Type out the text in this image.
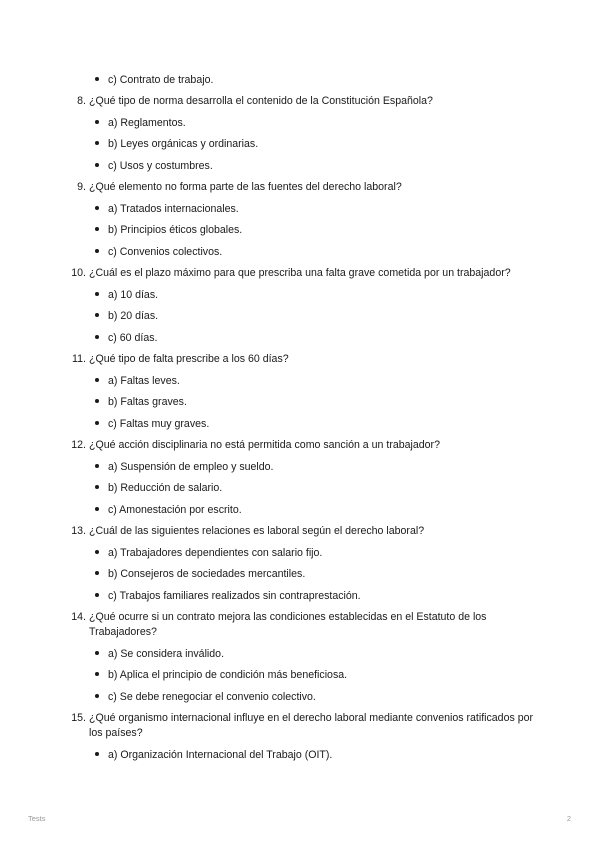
c) Contrato de trabajo.
8. ¿Qué tipo de norma desarrolla el contenido de la Constitución Española?
a) Reglamentos.
b) Leyes orgánicas y ordinarias.
c) Usos y costumbres.
9. ¿Qué elemento no forma parte de las fuentes del derecho laboral?
a) Tratados internacionales.
b) Principios éticos globales.
c) Convenios colectivos.
10. ¿Cuál es el plazo máximo para que prescriba una falta grave cometida por un trabajador?
a) 10 días.
b) 20 días.
c) 60 días.
11. ¿Qué tipo de falta prescribe a los 60 días?
a) Faltas leves.
b) Faltas graves.
c) Faltas muy graves.
12. ¿Qué acción disciplinaria no está permitida como sanción a un trabajador?
a) Suspensión de empleo y sueldo.
b) Reducción de salario.
c) Amonestación por escrito.
13. ¿Cuál de las siguientes relaciones es laboral según el derecho laboral?
a) Trabajadores dependientes con salario fijo.
b) Consejeros de sociedades mercantiles.
c) Trabajos familiares realizados sin contraprestación.
14. ¿Qué ocurre si un contrato mejora las condiciones establecidas en el Estatuto de los Trabajadores?
a) Se considera inválido.
b) Aplica el principio de condición más beneficiosa.
c) Se debe renegociar el convenio colectivo.
15. ¿Qué organismo internacional influye en el derecho laboral mediante convenios ratificados por los países?
a) Organización Internacional del Trabajo (OIT).
Tests	2
